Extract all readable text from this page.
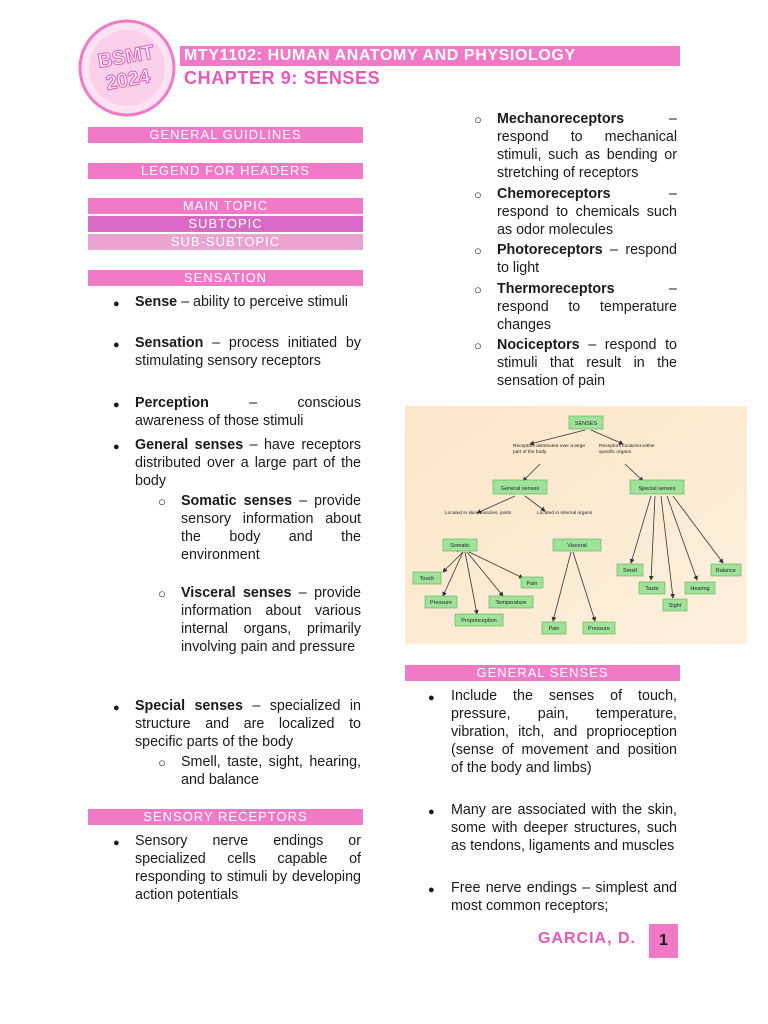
BSMT
2024
MTY1102: HUMAN ANATOMY AND PHYSIOLOGY
CHAPTER 9: SENSES
GENERAL GUIDLINES
LEGEND FOR HEADERS
MAIN TOPIC
SUBTOPIC
SUB-SUBTOPIC
SENSATION
●
Sense – ability to perceive stimuli
●
Sensation – process initiated by stimulating sensory receptors
●
Perception – conscious awareness of those stimuli
●
General senses – have receptors distributed over a large part of the body
○
Somatic senses – provide sensory information about the body and the environment
○
Visceral senses – provide information about various internal organs, primarily involving pain and pressure
●
Special senses – specialized in structure and are localized to specific parts of the body
○
Smell, taste, sight, hearing, and balance
SENSORY RECEPTORS
●
Sensory nerve endings or specialized cells capable of responding to stimuli by developing action potentials
○
Mechanoreceptors – respond to mechanical stimuli, such as bending or stretching of receptors
○
Chemoreceptors – respond to chemicals such as odor molecules
○
Photoreceptors – respond to light
○
Thermoreceptors – respond to temperature changes
○
Nociceptors – respond to stimuli that result in the sensation of pain
SENSES
General senses	Special senses
Somatic	Visceral
Touch
Pain
Pressure	Temperature
Proprioception
Pain	Pressure
Smell	Balance
Taste	Hearing
Sight
Receptors distributed over a large part of the body
Receptors localized within specific organs
Located in skin, muscles, joints	Located in internal organs
GENERAL SENSES
●
Include the senses of touch, pressure, pain, temperature, vibration, itch, and proprioception (sense of movement and position of the body and limbs)
●
Many are associated with the skin, some with deeper structures, such as tendons, ligaments and muscles
●
Free nerve endings – simplest and most common receptors;
GARCIA, D.	1
